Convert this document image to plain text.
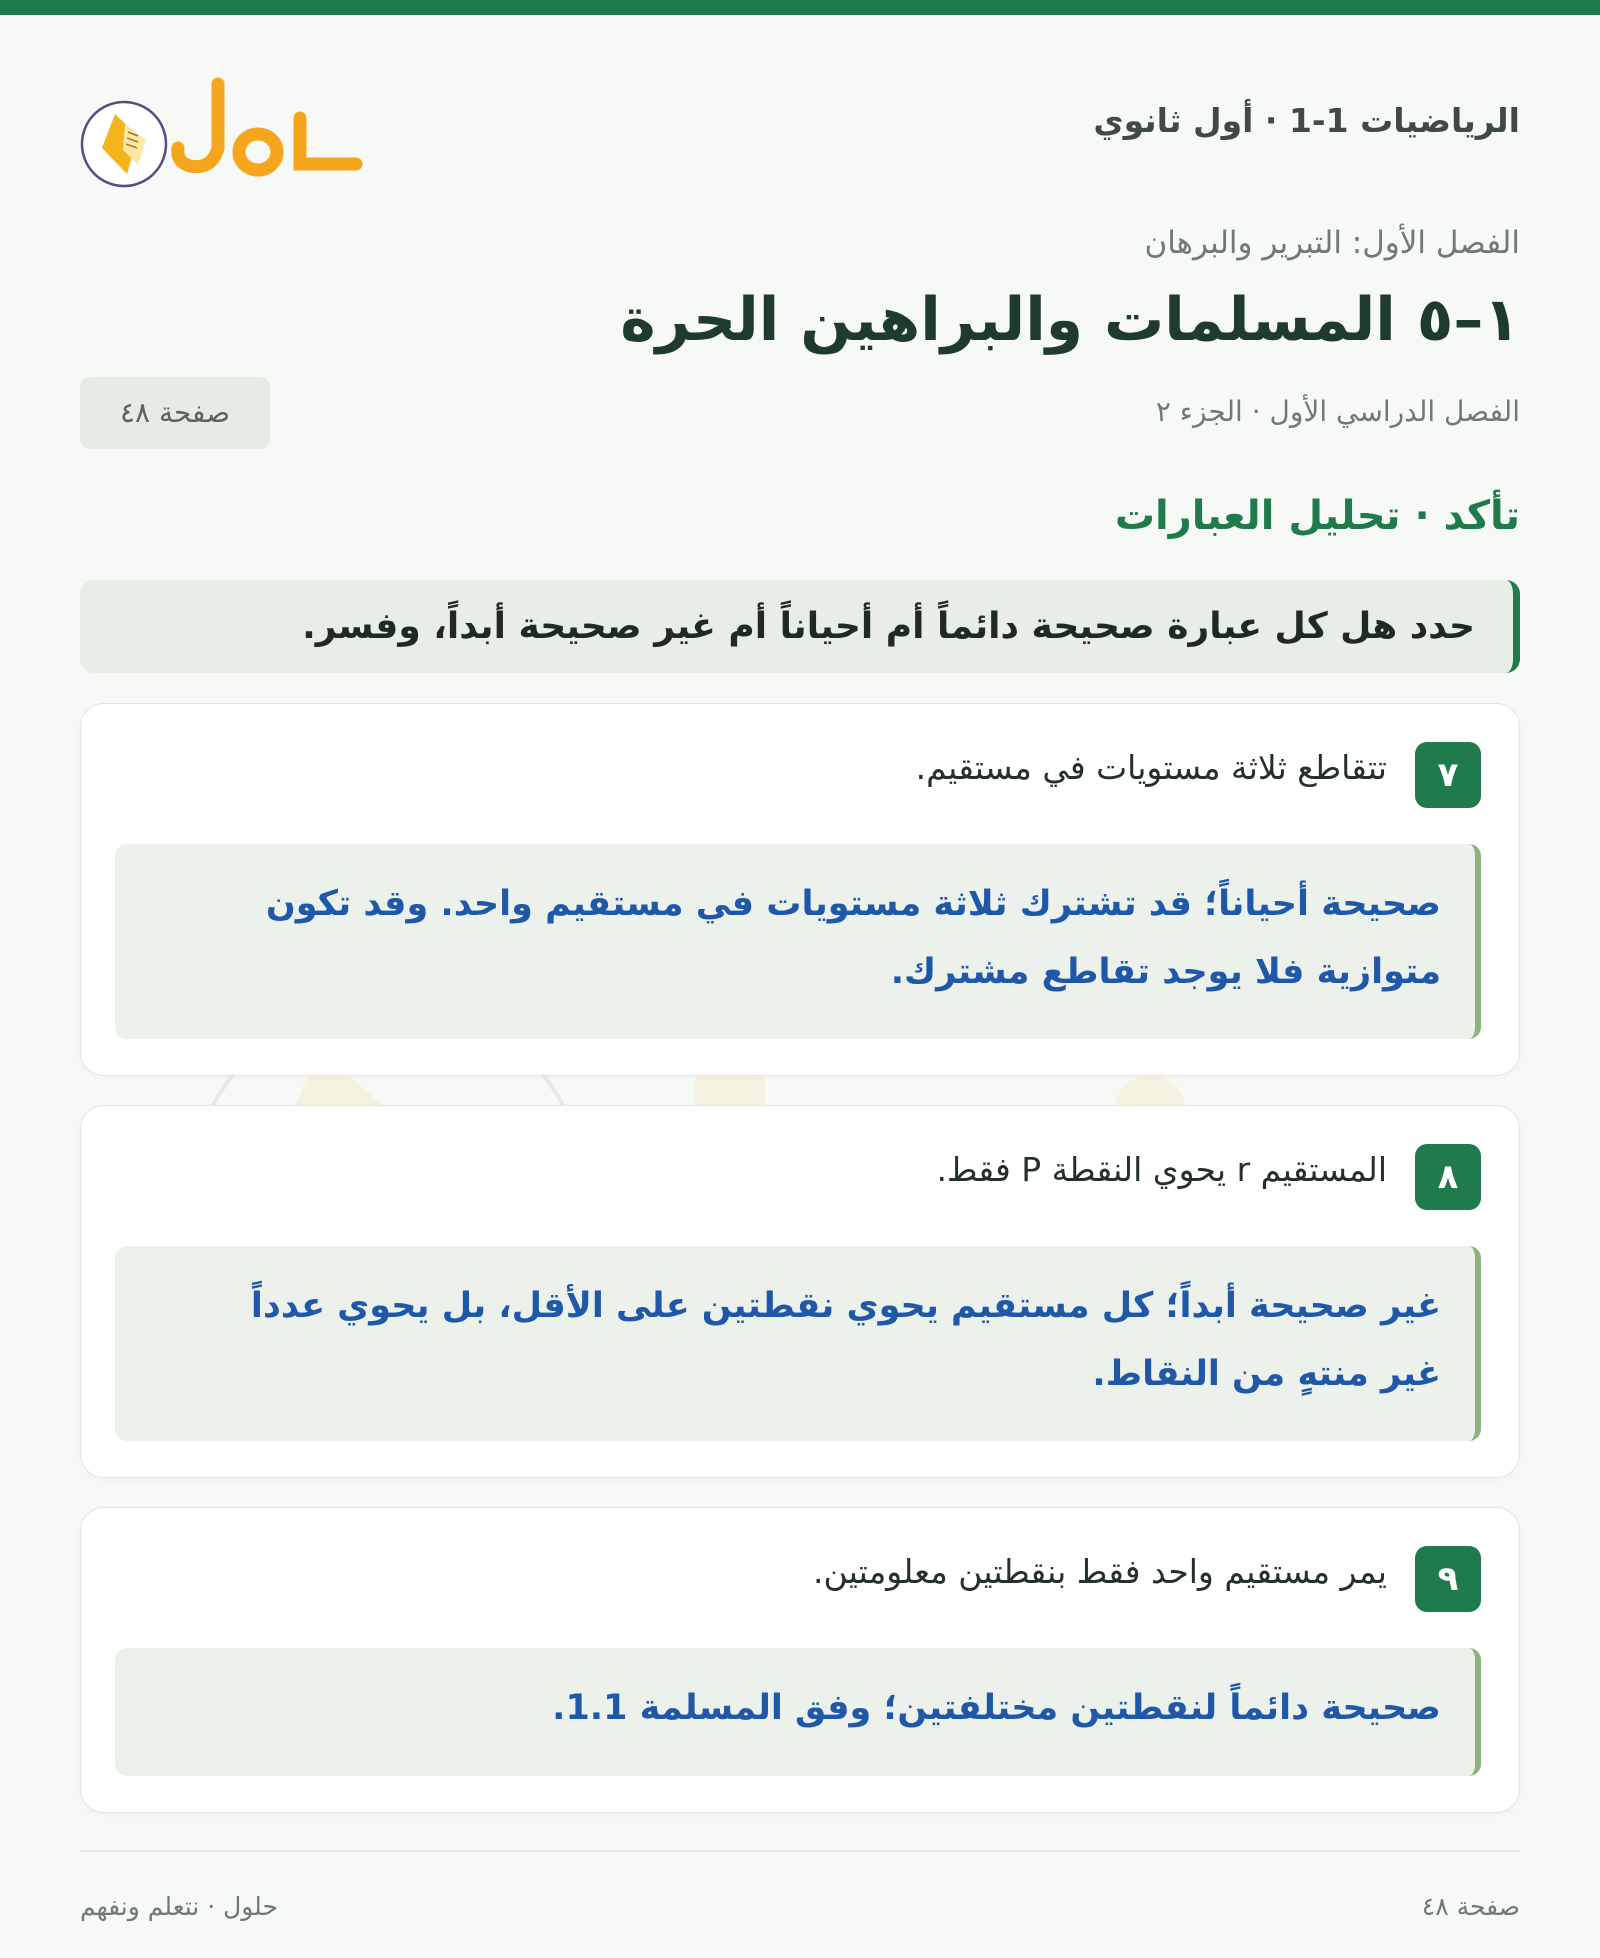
الرياضيات 1-1 · أول ثانوي
الفصل الأول: التبرير والبرهان
١–٥ المسلمات والبراهين الحرة
الفصل الدراسي الأول · الجزء ٢
صفحة ٤٨
تأكد · تحليل العبارات
حدد هل كل عبارة صحيحة دائماً أم أحياناً أم غير صحيحة أبداً، وفسر.
٧
تتقاطع ثلاثة مستويات في مستقيم.
صحيحة أحياناً؛ قد تشترك ثلاثة مستويات في مستقيم واحد. وقد تكون
متوازية فلا يوجد تقاطع مشترك.
٨
المستقيم r يحوي النقطة P فقط.
غير صحيحة أبداً؛ كل مستقيم يحوي نقطتين على الأقل، بل يحوي عدداً
غير منتهٍ من النقاط.
٩
يمر مستقيم واحد فقط بنقطتين معلومتين.
صحيحة دائماً لنقطتين مختلفتين؛ وفق المسلمة 1.1.
صفحة ٤٨
حلول · نتعلم ونفهم
